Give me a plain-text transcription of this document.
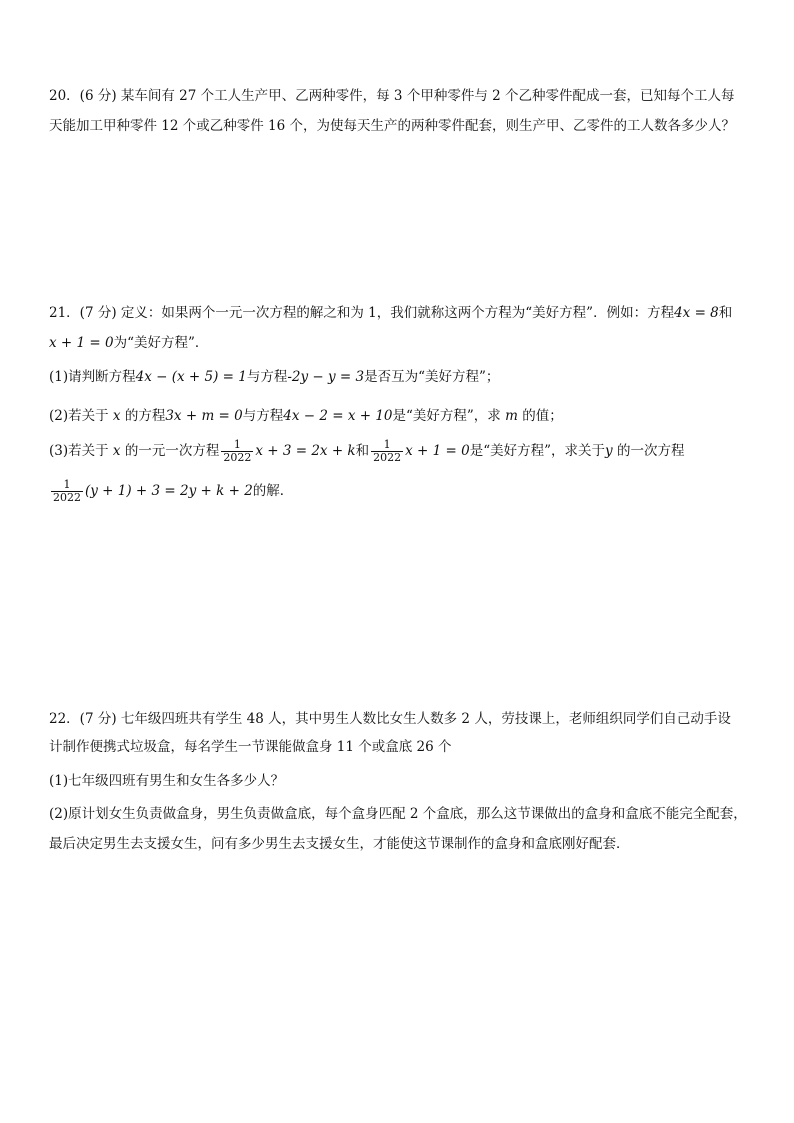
20．(6 分) 某车间有 27 个工人生产甲、乙两种零件，每 3 个甲种零件与 2 个乙种零件配成一套，已知每个工人每
天能加工甲种零件 12 个或乙种零件 16 个，为使每天生产的两种零件配套，则生产甲、乙零件的工人数各多少人？
21．(7 分) 定义：如果两个一元一次方程的解之和为 1，我们就称这两个方程为“美好方程”．例如：方程4x = 8和
x + 1 = 0为“美好方程”．
(1)请判断方程4x − (x + 5) = 1与方程-2y − y = 3是否互为“美好方程”；
(2)若关于 x 的方程3x + m = 0与方程4x − 2 = x + 10是“美好方程”，求 m 的值；
(3)若关于 x 的一元一次方程 $\frac{1}{2022}$ x + 3 = 2x + k和 $\frac{1}{2022}$ x + 1 = 0是“美好方程”，求关于y 的一次方程
$\frac{1}{2022} (y + 1) + 3 = 2y + k + 2$的解．
22．(7 分) 七年级四班共有学生 48 人，其中男生人数比女生人数多 2 人，劳技课上，老师组织同学们自己动手设
计制作便携式垃圾盒，每名学生一节课能做盒身 11 个或盒底 26 个
(1)七年级四班有男生和女生各多少人？
(2)原计划女生负责做盒身，男生负责做盒底，每个盒身匹配 2 个盒底，那么这节课做出的盒身和盒底不能完全配套，
最后决定男生去支援女生，问有多少男生去支援女生，才能使这节课制作的盒身和盒底刚好配套．
